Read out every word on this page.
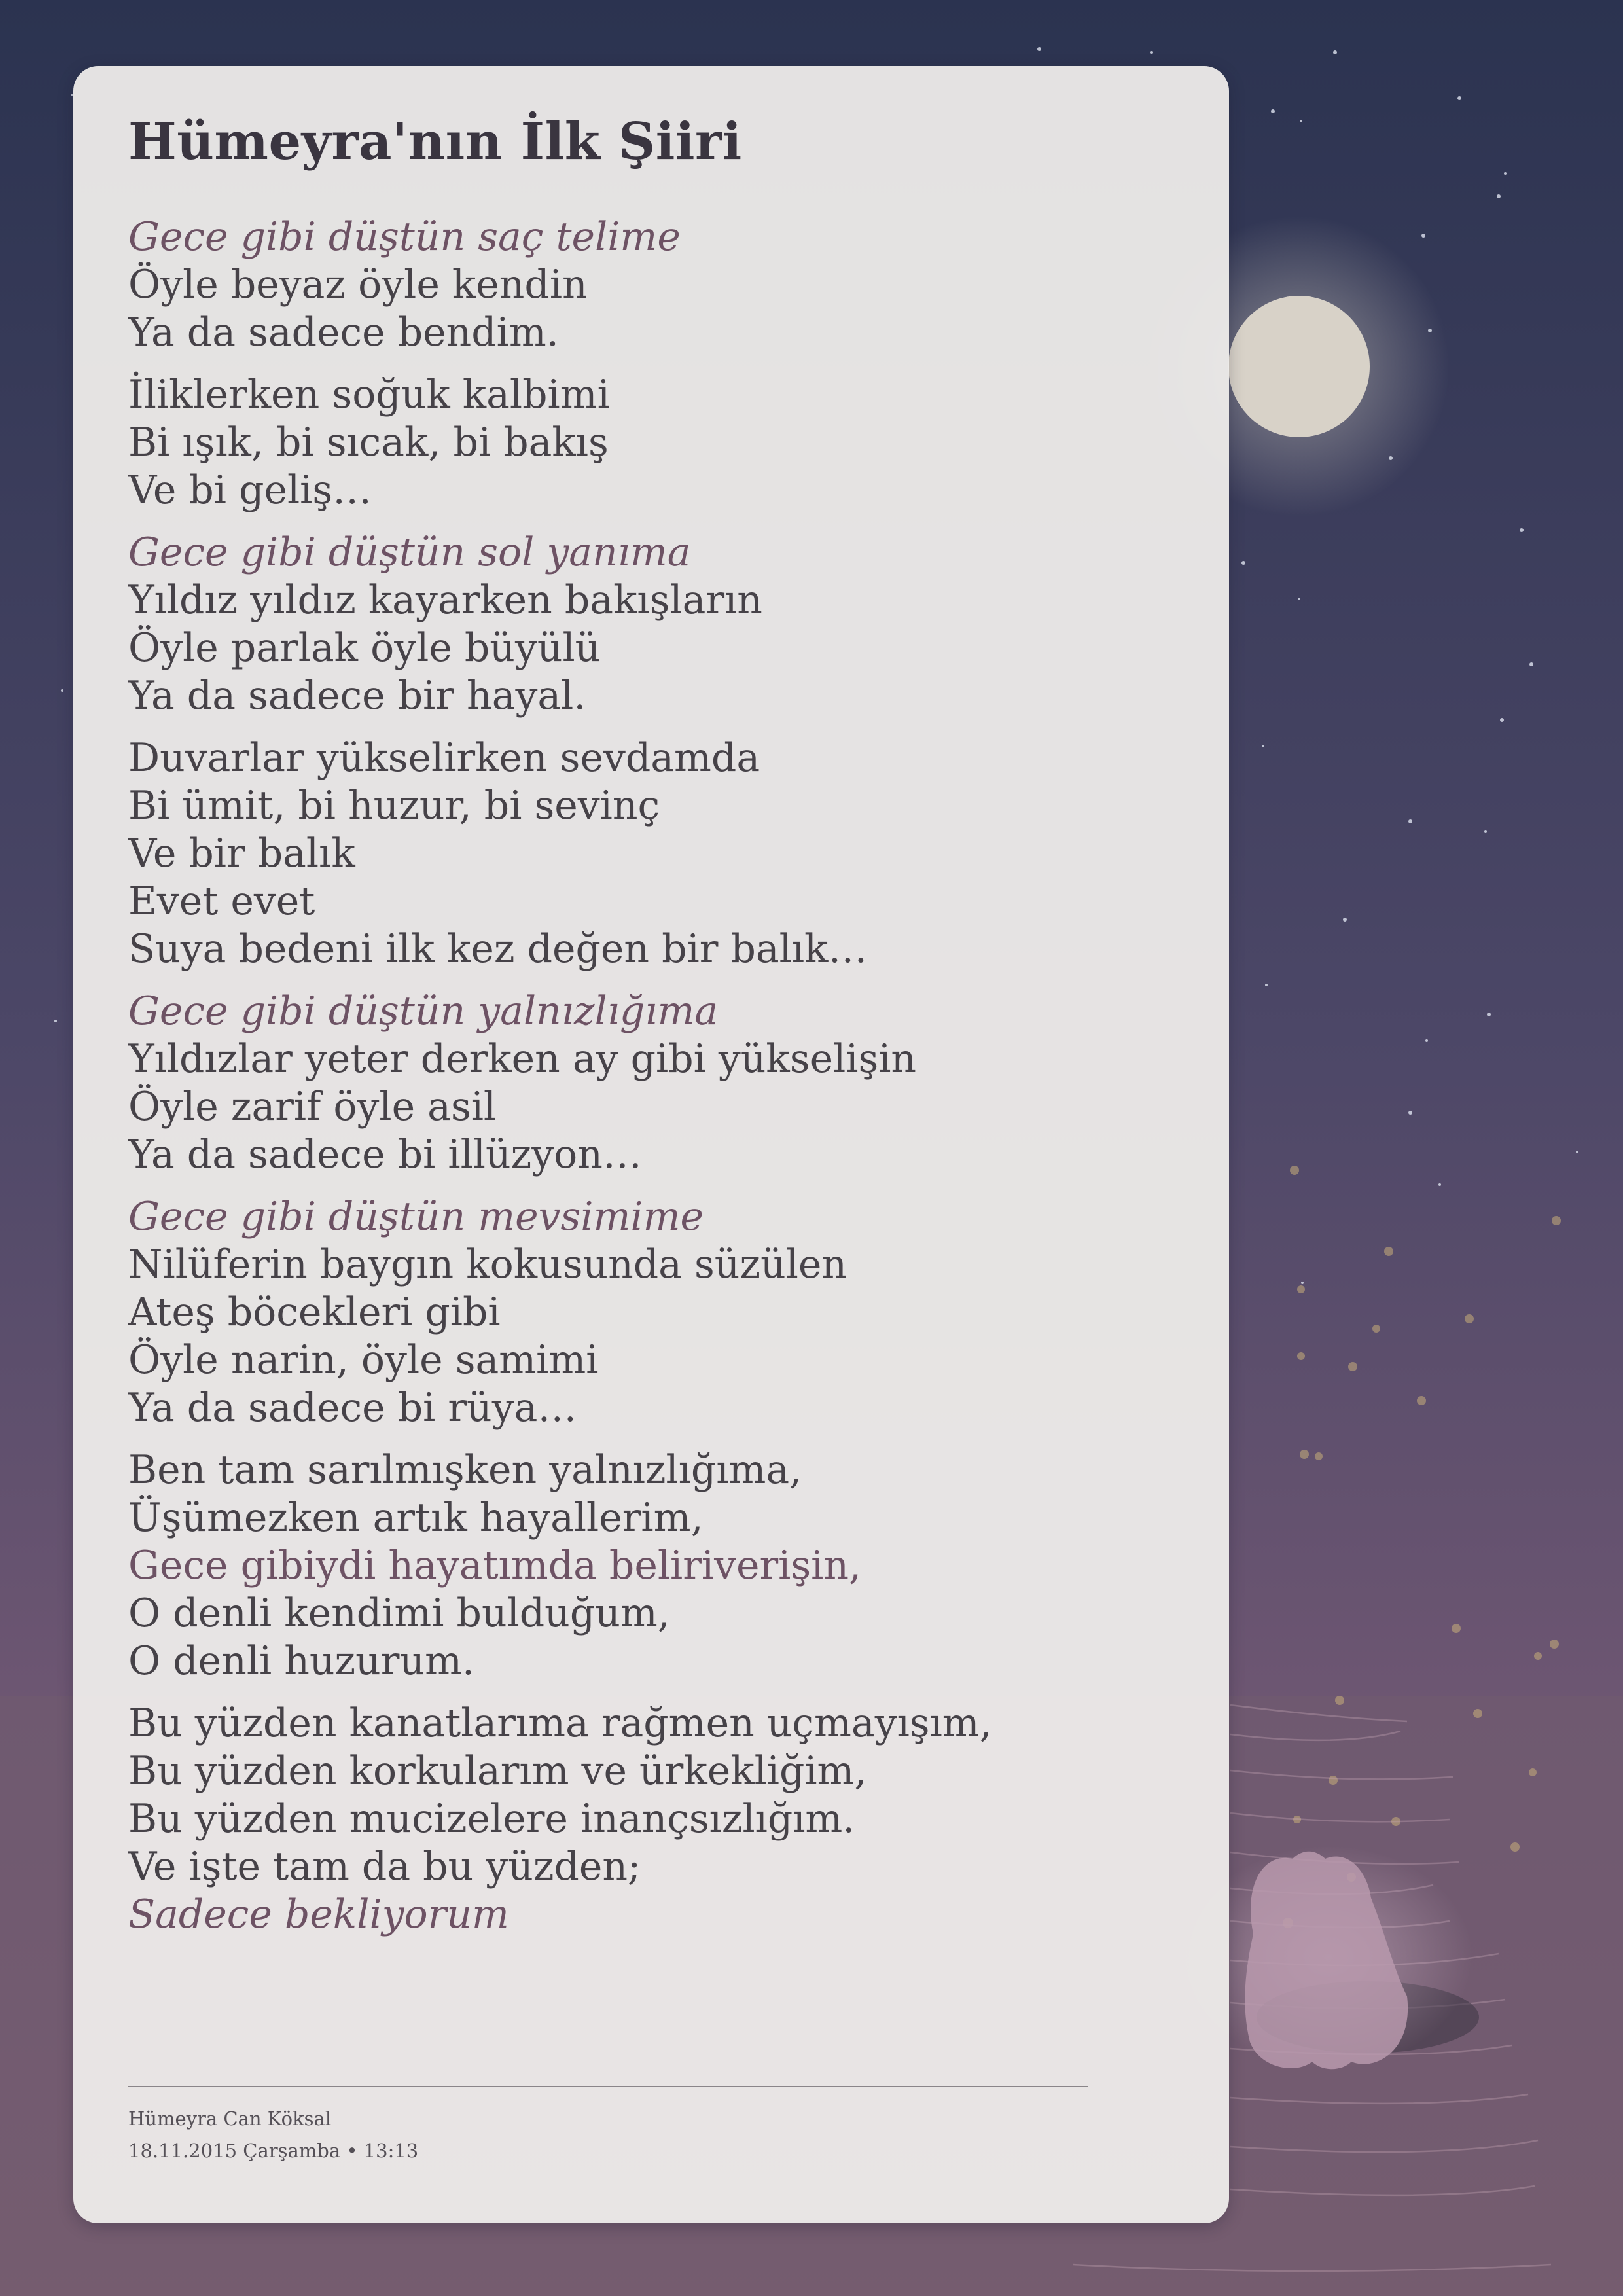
Hümeyra'nın İlk Şiiri
Gece gibi düştün saç telime
Öyle beyaz öyle kendin
Ya da sadece bendim.
İliklerken soğuk kalbimi
Bi ışık, bi sıcak, bi bakış
Ve bi geliş…
Gece gibi düştün sol yanıma
Yıldız yıldız kayarken bakışların
Öyle parlak öyle büyülü
Ya da sadece bir hayal.
Duvarlar yükselirken sevdamda
Bi ümit, bi huzur, bi sevinç
Ve bir balık
Evet evet
Suya bedeni ilk kez değen bir balık…
Gece gibi düştün yalnızlığıma
Yıldızlar yeter derken ay gibi yükselişin
Öyle zarif öyle asil
Ya da sadece bi illüzyon…
Gece gibi düştün mevsimime
Nilüferin baygın kokusunda süzülen
Ateş böcekleri gibi
Öyle narin, öyle samimi
Ya da sadece bi rüya…
Ben tam sarılmışken yalnızlığıma,
Üşümezken artık hayallerim,
Gece gibiydi hayatımda beliriverişin,
O denli kendimi bulduğum,
O denli huzurum.
Bu yüzden kanatlarıma rağmen uçmayışım,
Bu yüzden korkularım ve ürkekliğim,
Bu yüzden mucizelere inançsızlığım.
Ve işte tam da bu yüzden;
Sadece bekliyorum
Hümeyra Can Köksal
18.11.2015 Çarşamba • 13:13
